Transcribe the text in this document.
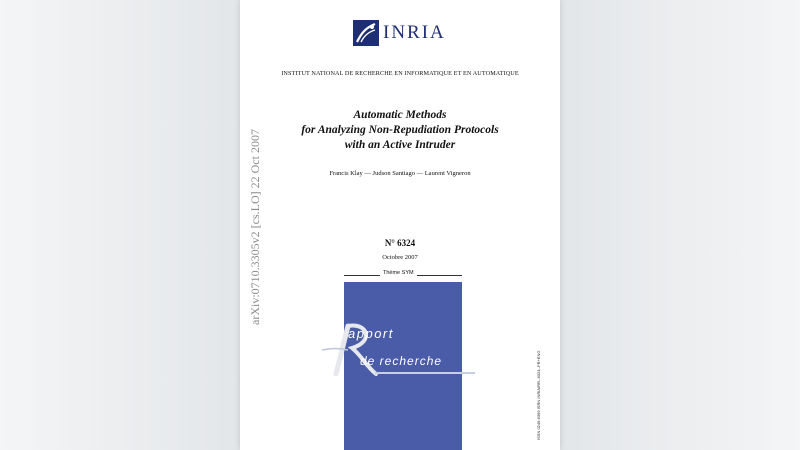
INRIA
INSTITUT NATIONAL DE RECHERCHE EN INFORMATIQUE ET EN AUTOMATIQUE
Automatic Methods
for Analyzing Non-Repudiation Protocols
with an Active Intruder
Francis Klay — Judson Santiago — Laurent Vigneron
N° 6324
Octobre 2007
Thème SYM
apport
de recherche
arXiv:0710.3305v2 [cs.LO] 22 Oct 2007
ISSN 0249-6399 ISRN INRIA/RR--6324--FR+ENG
